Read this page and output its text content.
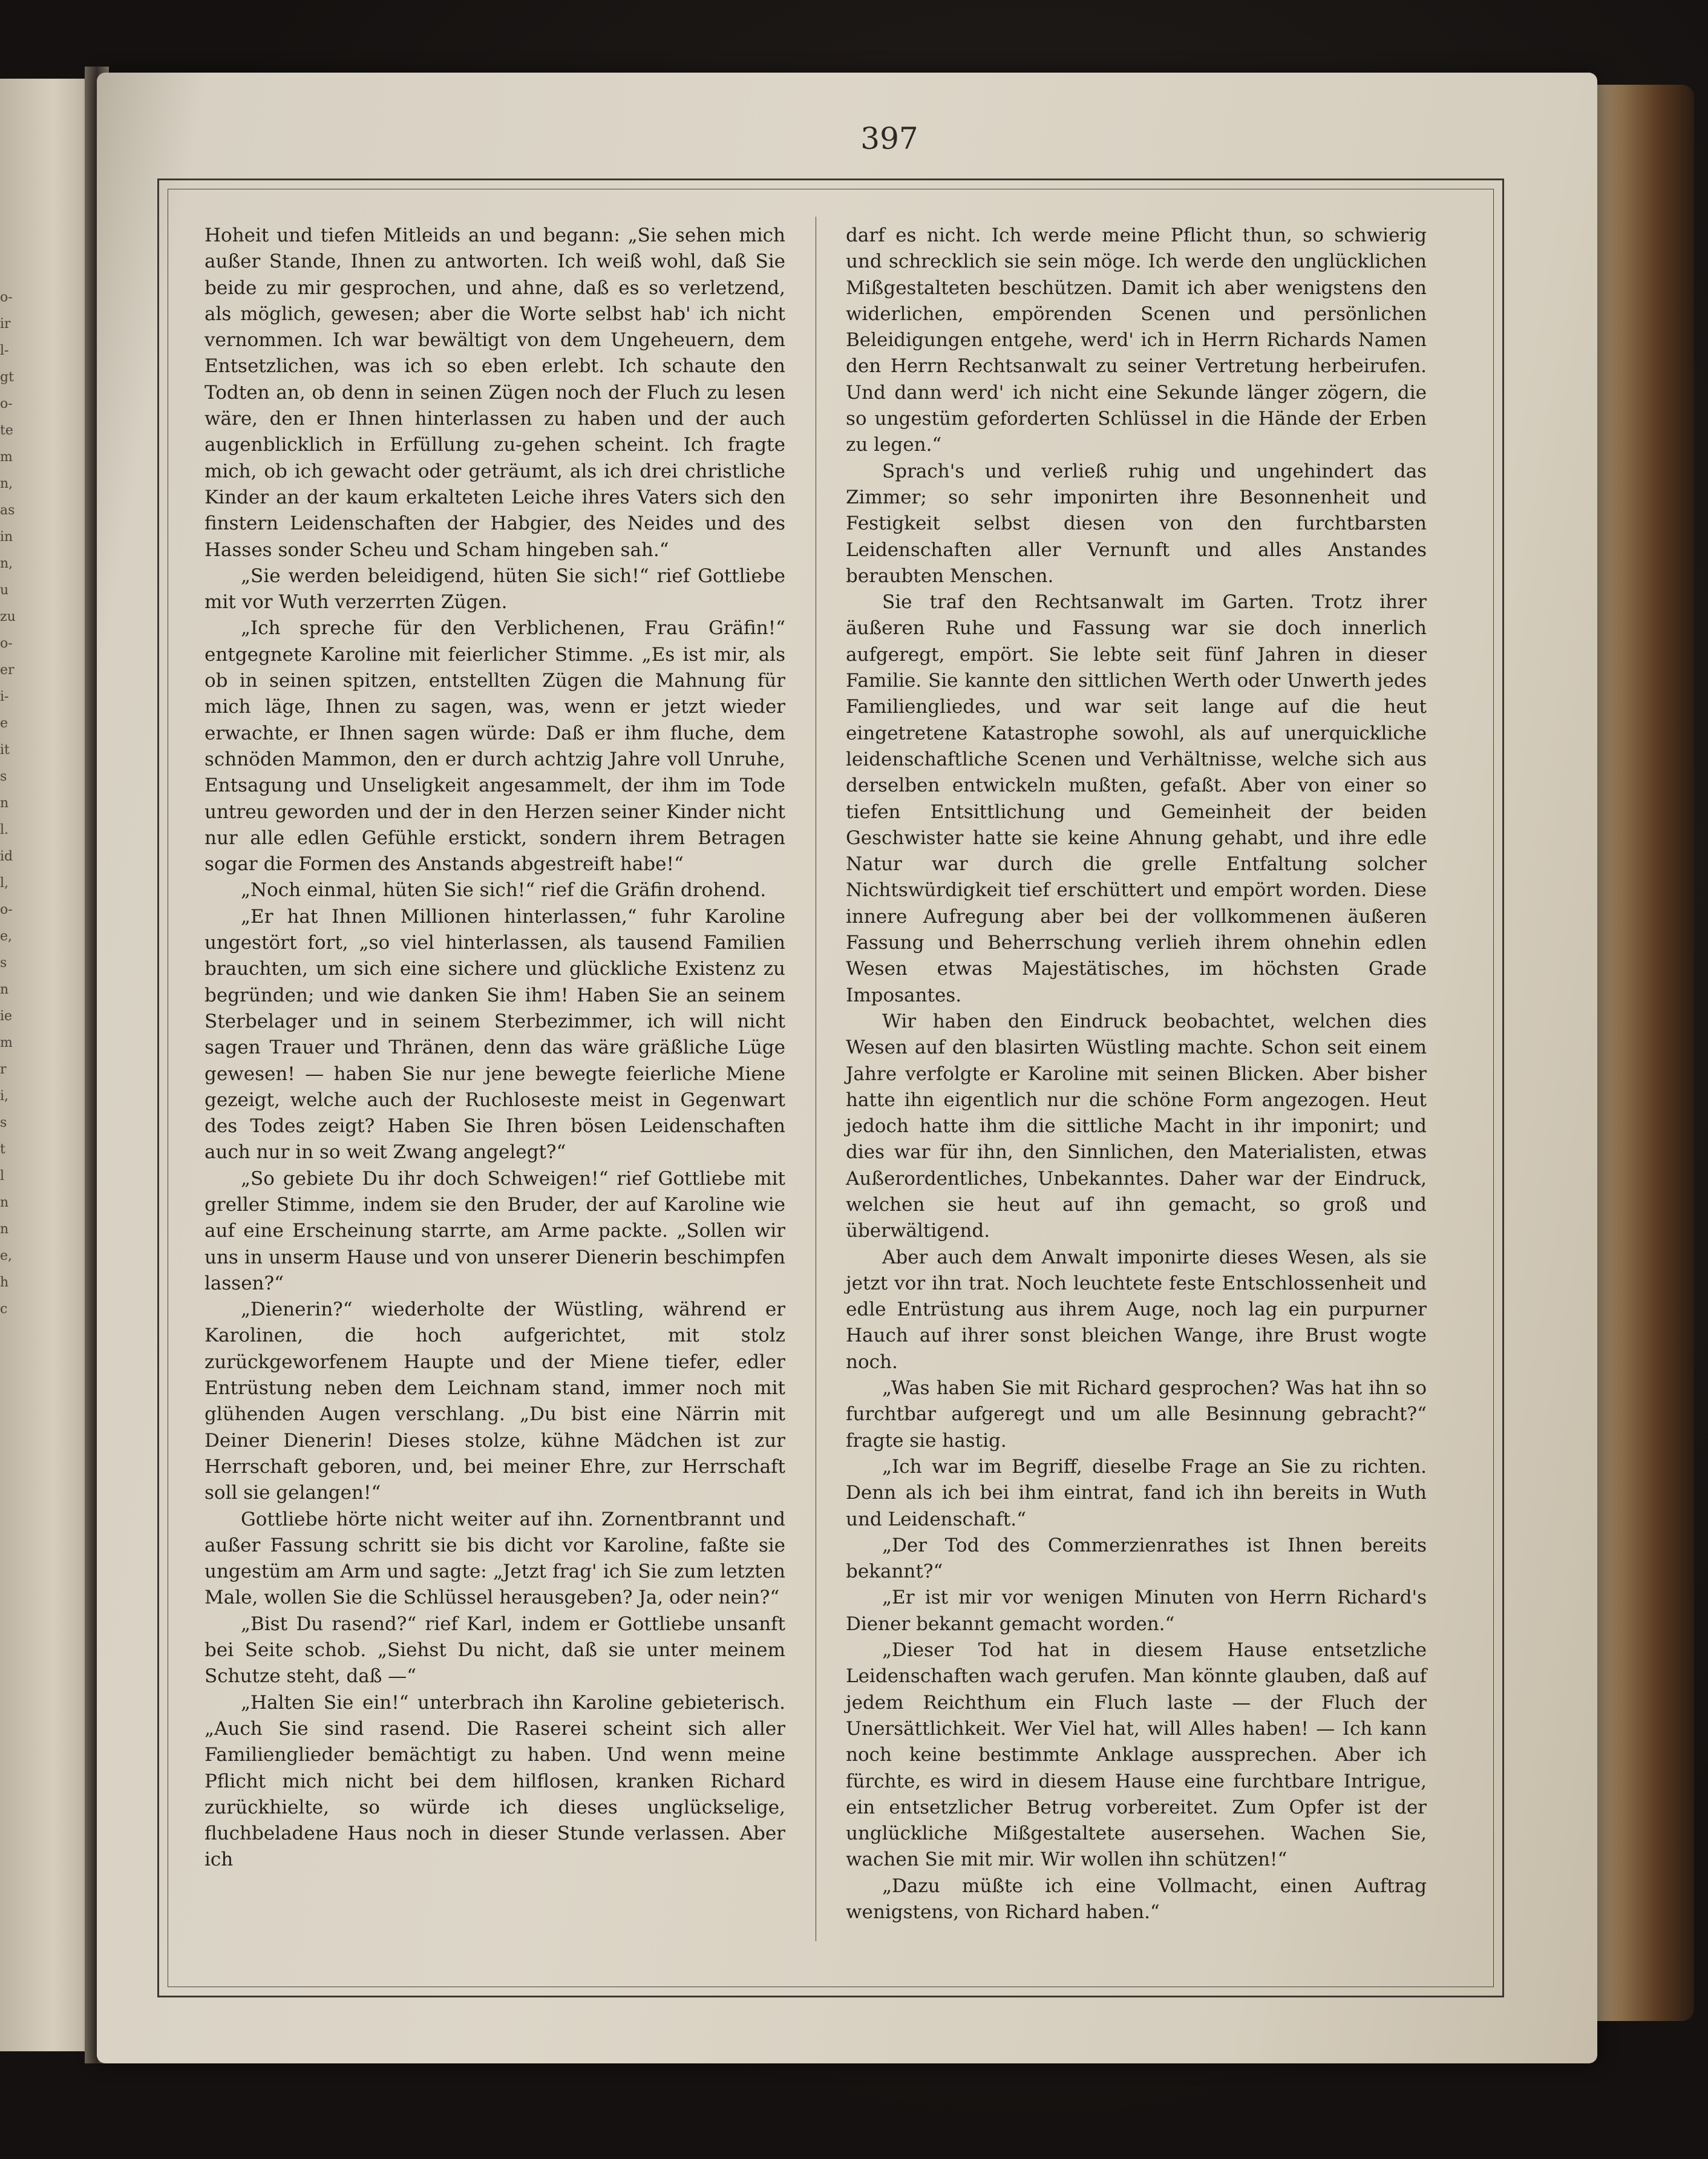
o-
ir
l-
gt
o-
te
m
n,
as
in
n,
u
zu
o-
er
i-
e
it
s
n
l.
id
l,
o-
e,
s
n
ie
m
r
i,
s
t
l
n
n
e,
h
c
397

Hoheit und tiefen Mitleids an und begann: „Sie sehen mich außer Stande, Ihnen zu antworten. Ich weiß wohl, daß Sie beide zu mir gesprochen, und ahne, daß es so verletzend, als möglich, gewesen; aber die Worte selbst hab' ich nicht vernommen. Ich war bewältigt von dem Ungeheuern, dem Entsetzlichen, was ich so eben erlebt. Ich schaute den Todten an, ob denn in seinen Zügen noch der Fluch zu lesen wäre, den er Ihnen hinterlassen zu haben und der auch augenblicklich in Erfüllung zu-gehen scheint. Ich fragte mich, ob ich gewacht oder geträumt, als ich drei christliche Kinder an der kaum erkalteten Leiche ihres Vaters sich den finstern Leidenschaften der Habgier, des Neides und des Hasses sonder Scheu und Scham hingeben sah.“

„Sie werden beleidigend, hüten Sie sich!“ rief Gottliebe mit vor Wuth verzerrten Zügen.

„Ich spreche für den Verblichenen, Frau Gräfin!“ entgegnete Karoline mit feierlicher Stimme. „Es ist mir, als ob in seinen spitzen, entstellten Zügen die Mahnung für mich läge, Ihnen zu sagen, was, wenn er jetzt wieder erwachte, er Ihnen sagen würde: Daß er ihm fluche, dem schnöden Mammon, den er durch achtzig Jahre voll Unruhe, Entsagung und Unseligkeit angesammelt, der ihm im Tode untreu geworden und der in den Herzen seiner Kinder nicht nur alle edlen Gefühle erstickt, sondern ihrem Betragen sogar die Formen des Anstands abgestreift habe!“

„Noch einmal, hüten Sie sich!“ rief die Gräfin drohend.

„Er hat Ihnen Millionen hinterlassen,“ fuhr Karoline ungestört fort, „so viel hinterlassen, als tausend Familien brauchten, um sich eine sichere und glückliche Existenz zu begründen; und wie danken Sie ihm! Haben Sie an seinem Sterbelager und in seinem Sterbezimmer, ich will nicht sagen Trauer und Thränen, denn das wäre gräßliche Lüge gewesen! — haben Sie nur jene bewegte feierliche Miene gezeigt, welche auch der Ruchloseste meist in Gegenwart des Todes zeigt? Haben Sie Ihren bösen Leidenschaften auch nur in so weit Zwang angelegt?“

„So gebiete Du ihr doch Schweigen!“ rief Gottliebe mit greller Stimme, indem sie den Bruder, der auf Karoline wie auf eine Erscheinung starrte, am Arme packte. „Sollen wir uns in unserm Hause und von unserer Dienerin beschimpfen lassen?“

„Dienerin?“ wiederholte der Wüstling, während er Karolinen, die hoch aufgerichtet, mit stolz zurückgeworfenem Haupte und der Miene tiefer, edler Entrüstung neben dem Leichnam stand, immer noch mit glühenden Augen verschlang. „Du bist eine Närrin mit Deiner Dienerin! Dieses stolze, kühne Mädchen ist zur Herrschaft geboren, und, bei meiner Ehre, zur Herrschaft soll sie gelangen!“

Gottliebe hörte nicht weiter auf ihn. Zornentbrannt und außer Fassung schritt sie bis dicht vor Karoline, faßte sie ungestüm am Arm und sagte: „Jetzt frag' ich Sie zum letzten Male, wollen Sie die Schlüssel herausgeben? Ja, oder nein?“

„Bist Du rasend?“ rief Karl, indem er Gottliebe unsanft bei Seite schob. „Siehst Du nicht, daß sie unter meinem Schutze steht, daß —“

„Halten Sie ein!“ unterbrach ihn Karoline gebieterisch. „Auch Sie sind rasend. Die Raserei scheint sich aller Familienglieder bemächtigt zu haben. Und wenn meine Pflicht mich nicht bei dem hilflosen, kranken Richard zurückhielte, so würde ich dieses unglückselige, fluchbeladene Haus noch in dieser Stunde verlassen. Aber ich

darf es nicht. Ich werde meine Pflicht thun, so schwierig und schrecklich sie sein möge. Ich werde den unglücklichen Mißgestalteten beschützen. Damit ich aber wenigstens den widerlichen, empörenden Scenen und persönlichen Beleidigungen entgehe, werd' ich in Herrn Richards Namen den Herrn Rechtsanwalt zu seiner Vertretung herbeirufen. Und dann werd' ich nicht eine Sekunde länger zögern, die so ungestüm geforderten Schlüssel in die Hände der Erben zu legen.“

Sprach's und verließ ruhig und ungehindert das Zimmer; so sehr imponirten ihre Besonnenheit und Festigkeit selbst diesen von den furchtbarsten Leidenschaften aller Vernunft und alles Anstandes beraubten Menschen.

Sie traf den Rechtsanwalt im Garten. Trotz ihrer äußeren Ruhe und Fassung war sie doch innerlich aufgeregt, empört. Sie lebte seit fünf Jahren in dieser Familie. Sie kannte den sittlichen Werth oder Unwerth jedes Familiengliedes, und war seit lange auf die heut eingetretene Katastrophe sowohl, als auf unerquickliche leidenschaftliche Scenen und Verhältnisse, welche sich aus derselben entwickeln mußten, gefaßt. Aber von einer so tiefen Entsittlichung und Gemeinheit der beiden Geschwister hatte sie keine Ahnung gehabt, und ihre edle Natur war durch die grelle Entfaltung solcher Nichtswürdigkeit tief erschüttert und empört worden. Diese innere Aufregung aber bei der vollkommenen äußeren Fassung und Beherrschung verlieh ihrem ohnehin edlen Wesen etwas Majestätisches, im höchsten Grade Imposantes.

Wir haben den Eindruck beobachtet, welchen dies Wesen auf den blasirten Wüstling machte. Schon seit einem Jahre verfolgte er Karoline mit seinen Blicken. Aber bisher hatte ihn eigentlich nur die schöne Form angezogen. Heut jedoch hatte ihm die sittliche Macht in ihr imponirt; und dies war für ihn, den Sinnlichen, den Materialisten, etwas Außerordentliches, Unbekanntes. Daher war der Eindruck, welchen sie heut auf ihn gemacht, so groß und überwältigend.

Aber auch dem Anwalt imponirte dieses Wesen, als sie jetzt vor ihn trat. Noch leuchtete feste Entschlossenheit und edle Entrüstung aus ihrem Auge, noch lag ein purpurner Hauch auf ihrer sonst bleichen Wange, ihre Brust wogte noch.

„Was haben Sie mit Richard gesprochen? Was hat ihn so furchtbar aufgeregt und um alle Besinnung gebracht?“ fragte sie hastig.

„Ich war im Begriff, dieselbe Frage an Sie zu richten. Denn als ich bei ihm eintrat, fand ich ihn bereits in Wuth und Leidenschaft.“

„Der Tod des Commerzienrathes ist Ihnen bereits bekannt?“

„Er ist mir vor wenigen Minuten von Herrn Richard's Diener bekannt gemacht worden.“

„Dieser Tod hat in diesem Hause entsetzliche Leidenschaften wach gerufen. Man könnte glauben, daß auf jedem Reichthum ein Fluch laste — der Fluch der Unersättlichkeit. Wer Viel hat, will Alles haben! — Ich kann noch keine bestimmte Anklage aussprechen. Aber ich fürchte, es wird in diesem Hause eine furchtbare Intrigue, ein entsetzlicher Betrug vorbereitet. Zum Opfer ist der unglückliche Mißgestaltete ausersehen. Wachen Sie, wachen Sie mit mir. Wir wollen ihn schützen!“

„Dazu müßte ich eine Vollmacht, einen Auftrag wenigstens, von Richard haben.“
